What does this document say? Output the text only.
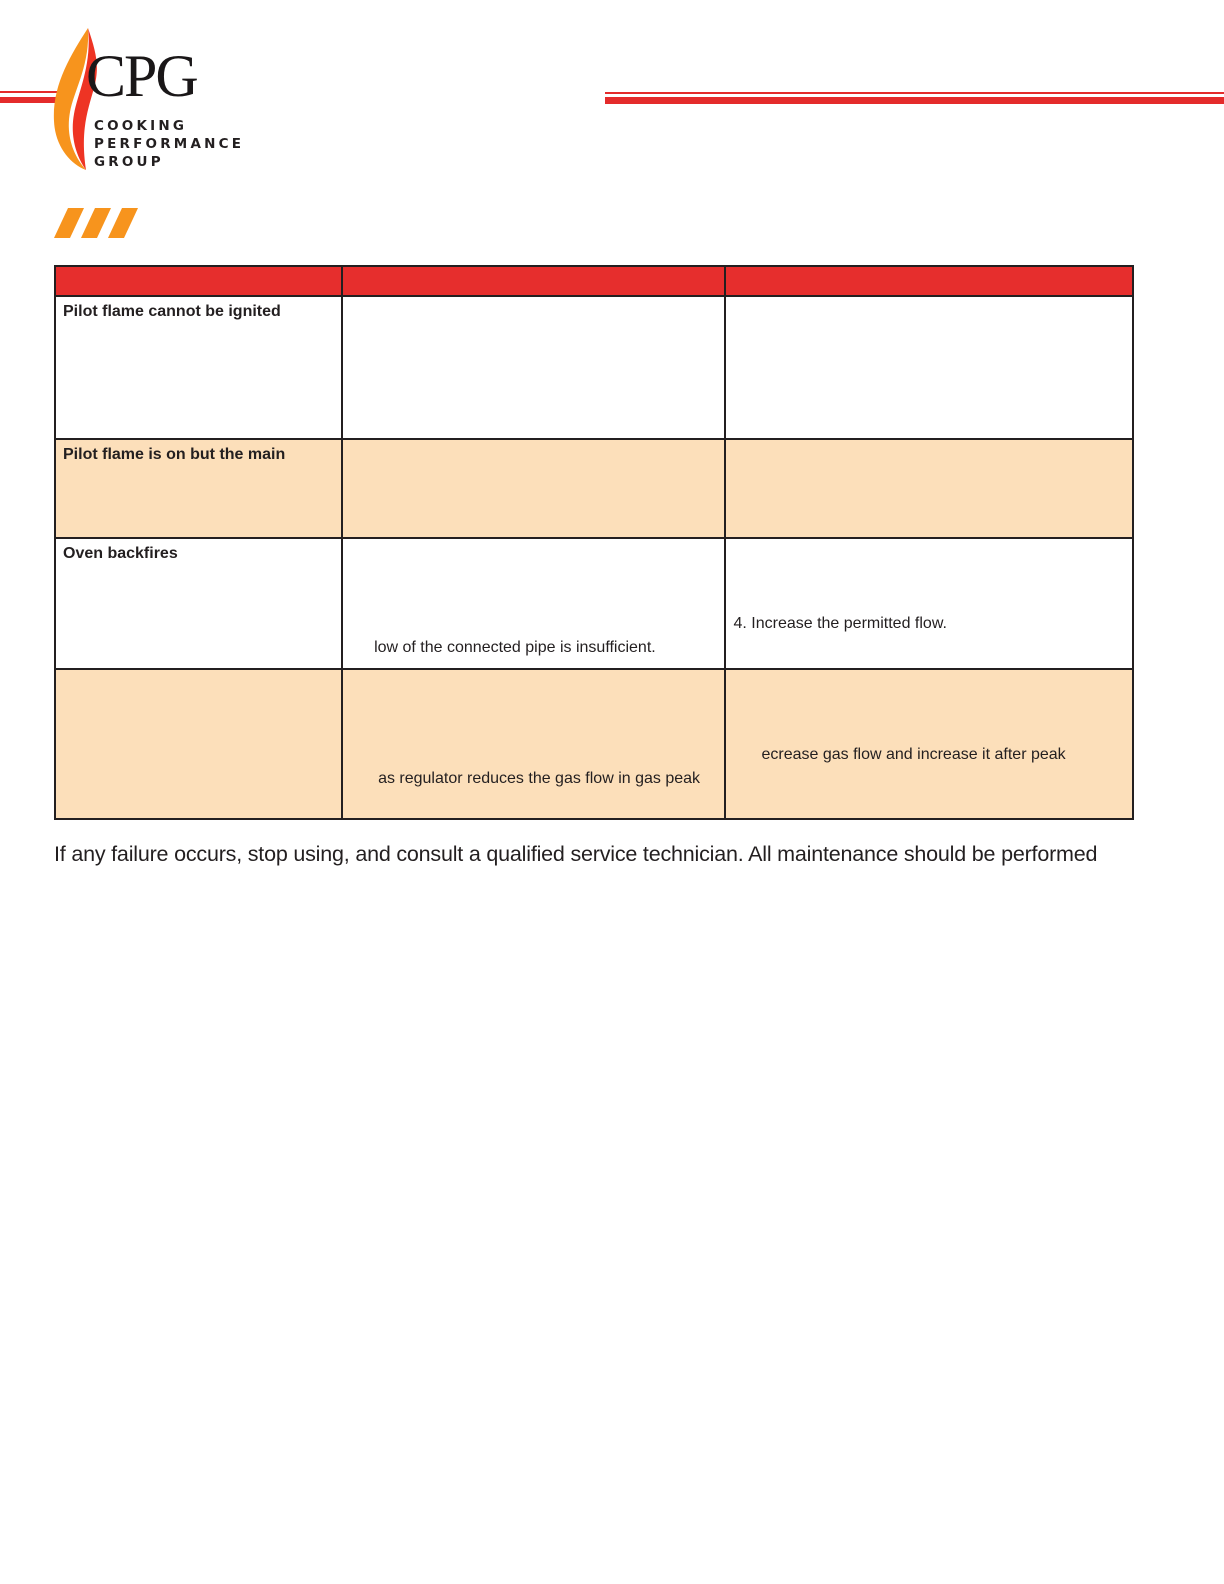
CPG
COOKING
PERFORMANCE
GROUP

Pilot flame cannot be ignited		

Pilot flame is on but the main		

Oven backfires	low of the connected pipe is insufficient.	4. Increase the permitted flow.

	as regulator reduces the gas flow in gas peak	ecrease gas flow and increase it after peak
If any failure occurs, stop using, and consult a qualified service technician. All maintenance should be performed
